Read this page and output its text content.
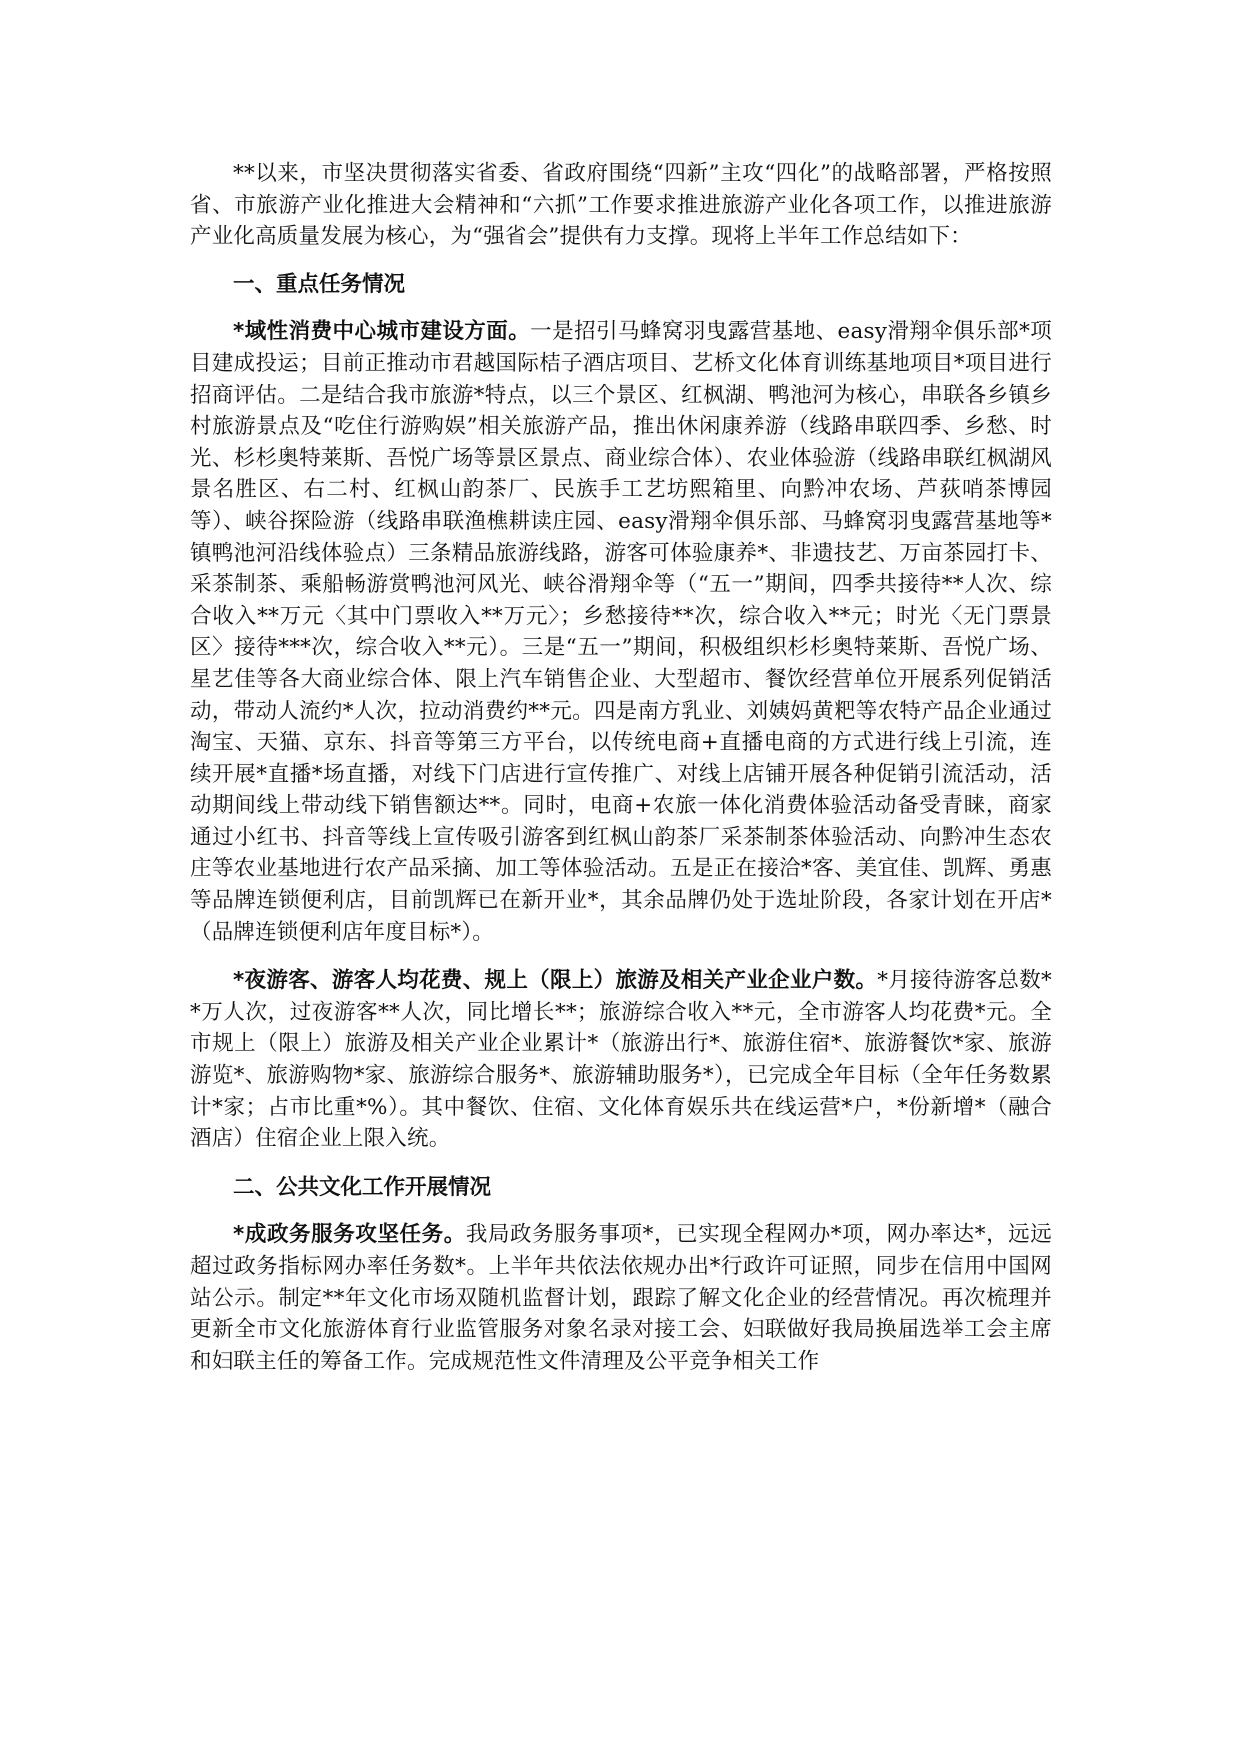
**以来，市坚决贯彻落实省委、省政府围绕“四新”主攻“四化”的战略部署，严格按照省、市旅游产业化推进大会精神和“六抓”工作要求推进旅游产业化各项工作，以推进旅游产业化高质量发展为核心，为“强省会”提供有力支撑。现将上半年工作总结如下：

一、重点任务情况

*域性消费中心城市建设方面。一是招引马蜂窝羽曳露营基地、easy滑翔伞俱乐部*项目建成投运；目前正推动市君越国际桔子酒店项目、艺桥文化体育训练基地项目*项目进行招商评估。二是结合我市旅游*特点，以三个景区、红枫湖、鸭池河为核心，串联各乡镇乡村旅游景点及“吃住行游购娱”相关旅游产品，推出休闲康养游（线路串联四季、乡愁、时光、杉杉奥特莱斯、吾悦广场等景区景点、商业综合体）、农业体验游（线路串联红枫湖风景名胜区、右二村、红枫山韵茶厂、民族手工艺坊熙箱里、向黔冲农场、芦荻哨茶博园等）、峡谷探险游（线路串联渔樵耕读庄园、easy滑翔伞俱乐部、马蜂窝羽曳露营基地等*镇鸭池河沿线体验点）三条精品旅游线路，游客可体验康养*、非遗技艺、万亩茶园打卡、采茶制茶、乘船畅游赏鸭池河风光、峡谷滑翔伞等（“五一”期间，四季共接待**人次、综合收入**万元〈其中门票收入**万元〉；乡愁接待**次，综合收入**元；时光〈无门票景区〉接待***次，综合收入**元）。三是“五一”期间，积极组织杉杉奥特莱斯、吾悦广场、星艺佳等各大商业综合体、限上汽车销售企业、大型超市、餐饮经营单位开展系列促销活动，带动人流约*人次，拉动消费约**元。四是南方乳业、刘姨妈黄粑等农特产品企业通过淘宝、天猫、京东、抖音等第三方平台，以传统电商+直播电商的方式进行线上引流，连续开展*直播*场直播，对线下门店进行宣传推广、对线上店铺开展各种促销引流活动，活动期间线上带动线下销售额达**。同时，电商+农旅一体化消费体验活动备受青睐，商家通过小红书、抖音等线上宣传吸引游客到红枫山韵茶厂采茶制茶体验活动、向黔冲生态农庄等农业基地进行农产品采摘、加工等体验活动。五是正在接洽*客、美宜佳、凯辉、勇惠等品牌连锁便利店，目前凯辉已在新开业*，其余品牌仍处于选址阶段，各家计划在开店*（品牌连锁便利店年度目标*）。

*夜游客、游客人均花费、规上（限上）旅游及相关产业企业户数。*月接待游客总数**万人次，过夜游客**人次，同比增长**；旅游综合收入**元，全市游客人均花费*元。全市规上（限上）旅游及相关产业企业累计*（旅游出行*、旅游住宿*、旅游餐饮*家、旅游游览*、旅游购物*家、旅游综合服务*、旅游辅助服务*），已完成全年目标（全年任务数累计*家；占市比重*%）。其中餐饮、住宿、文化体育娱乐共在线运营*户，*份新增*（融合酒店）住宿企业上限入统。

二、公共文化工作开展情况

*成政务服务攻坚任务。我局政务服务事项*，已实现全程网办*项，网办率达*，远远超过政务指标网办率任务数*。上半年共依法依规办出*行政许可证照，同步在信用中国网站公示。制定**年文化市场双随机监督计划，跟踪了解文化企业的经营情况。再次梳理并更新全市文化旅游体育行业监管服务对象名录对接工会、妇联做好我局换届选举工会主席和妇联主任的筹备工作。完成规范性文件清理及公平竞争相关工作
